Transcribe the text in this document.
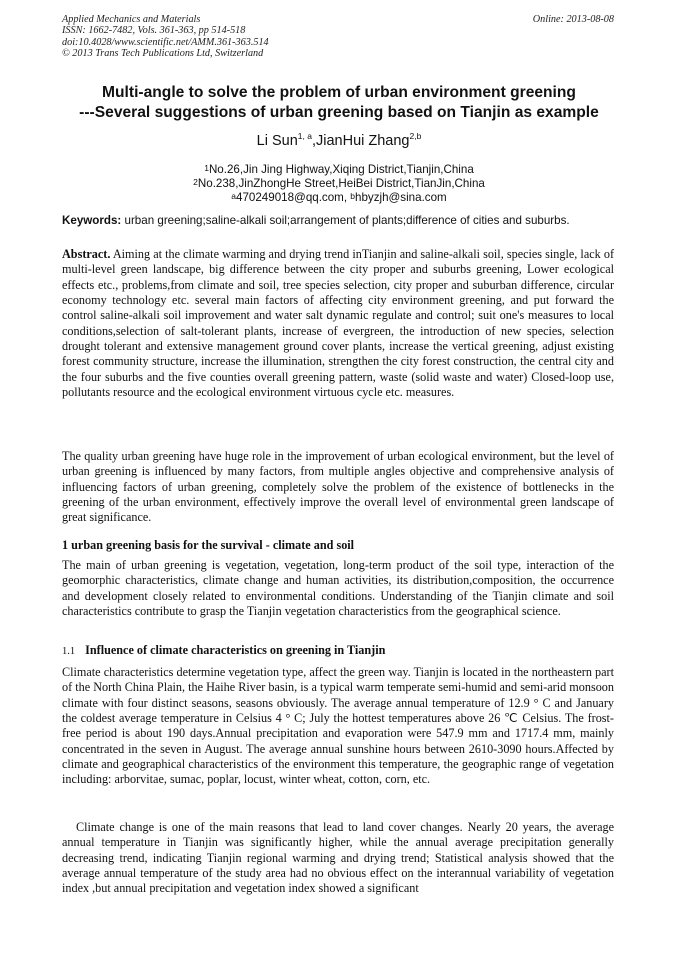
Applied Mechanics and Materials
ISSN: 1662-7482, Vols. 361-363, pp 514-518
doi:10.4028/www.scientific.net/AMM.361-363.514
© 2013 Trans Tech Publications Ltd, Switzerland
Online: 2013-08-08
Multi-angle to solve the problem of urban environment greening
---Several suggestions of urban greening based on Tianjin as example
Li Sun$^{1, a}$,JianHui Zhang$^{2,b}$
$^1$No.26,Jin Jing Highway,Xiqing District,Tianjin,China
$^2$No.238,JinZhongHe Street,HeiBei District,TianJin,China
$^a$470249018@qq.com, $^b$hbyzjh@sina.com
Keywords: urban greening;saline-alkali soil;arrangement of plants;difference of cities and suburbs.

Abstract. Aiming at the climate warming and drying trend inTianjin and saline-alkali soil, species single, lack of multi-level green landscape, big difference between the city proper and suburbs greening, Lower ecological effects etc., problems,from climate and soil, tree species selection, city proper and suburban difference, circular economy technology etc. several main factors of affecting city environment greening, and put forward the control saline-alkali soil improvement and water salt dynamic regulate and control; suit one's measures to local conditions,selection of salt-tolerant plants, increase of evergreen, the introduction of new species, selection drought tolerant and extensive management ground cover plants, increase the vertical greening, adjust existing forest community structure, increase the illumination, strengthen the city forest construction, the central city and the four suburbs and the five counties overall greening pattern, waste (solid waste and water) Closed-loop use, pollutants resource and the ecological environment virtuous cycle etc. measures.

The quality urban greening have huge role in the improvement of urban ecological environment, but the level of urban greening is influenced by many factors, from multiple angles objective and comprehensive analysis of influencing factors of urban greening, completely solve the problem of the existence of bottlenecks in the greening of the urban environment, effectively improve the overall level of environmental green landscape of great significance.

1 urban greening basis for the survival - climate and soil

The main of urban greening is vegetation, vegetation, long-term product of the soil type, interaction of the geomorphic characteristics, climate change and human activities, its distribution,composition, the occurrence and development closely related to environmental conditions. Understanding of the Tianjin climate and soil characteristics contribute to grasp the Tianjin vegetation characteristics from the geographical science.

1.1 Influence of climate characteristics on greening in Tianjin

Climate characteristics determine vegetation type, affect the green way. Tianjin is located in the northeastern part of the North China Plain, the Haihe River basin, is a typical warm temperate semi-humid and semi-arid monsoon climate with four distinct seasons, seasons obviously. The average annual temperature of 12.9 ° C and January the coldest average temperature in Celsius 4 ° C; July the hottest temperatures above 26 ℃ Celsius. The frost-free period is about 190 days.Annual precipitation and evaporation were 547.9 mm and 1717.4 mm, mainly concentrated in the seven in August. The average annual sunshine hours between 2610-3090 hours.Affected by climate and geographical characteristics of the environment this temperature, the geographic range of vegetation including: arborvitae, sumac, poplar, locust, winter wheat, cotton, corn, etc.

Climate change is one of the main reasons that lead to land cover changes. Nearly 20 years, the average annual temperature in Tianjin was significantly higher, while the annual average precipitation generally decreasing trend, indicating Tianjin regional warming and drying trend; Statistical analysis showed that the average annual temperature of the study area had no obvious effect on the interannual variability of vegetation index ,but annual precipitation and vegetation index showed a significant
